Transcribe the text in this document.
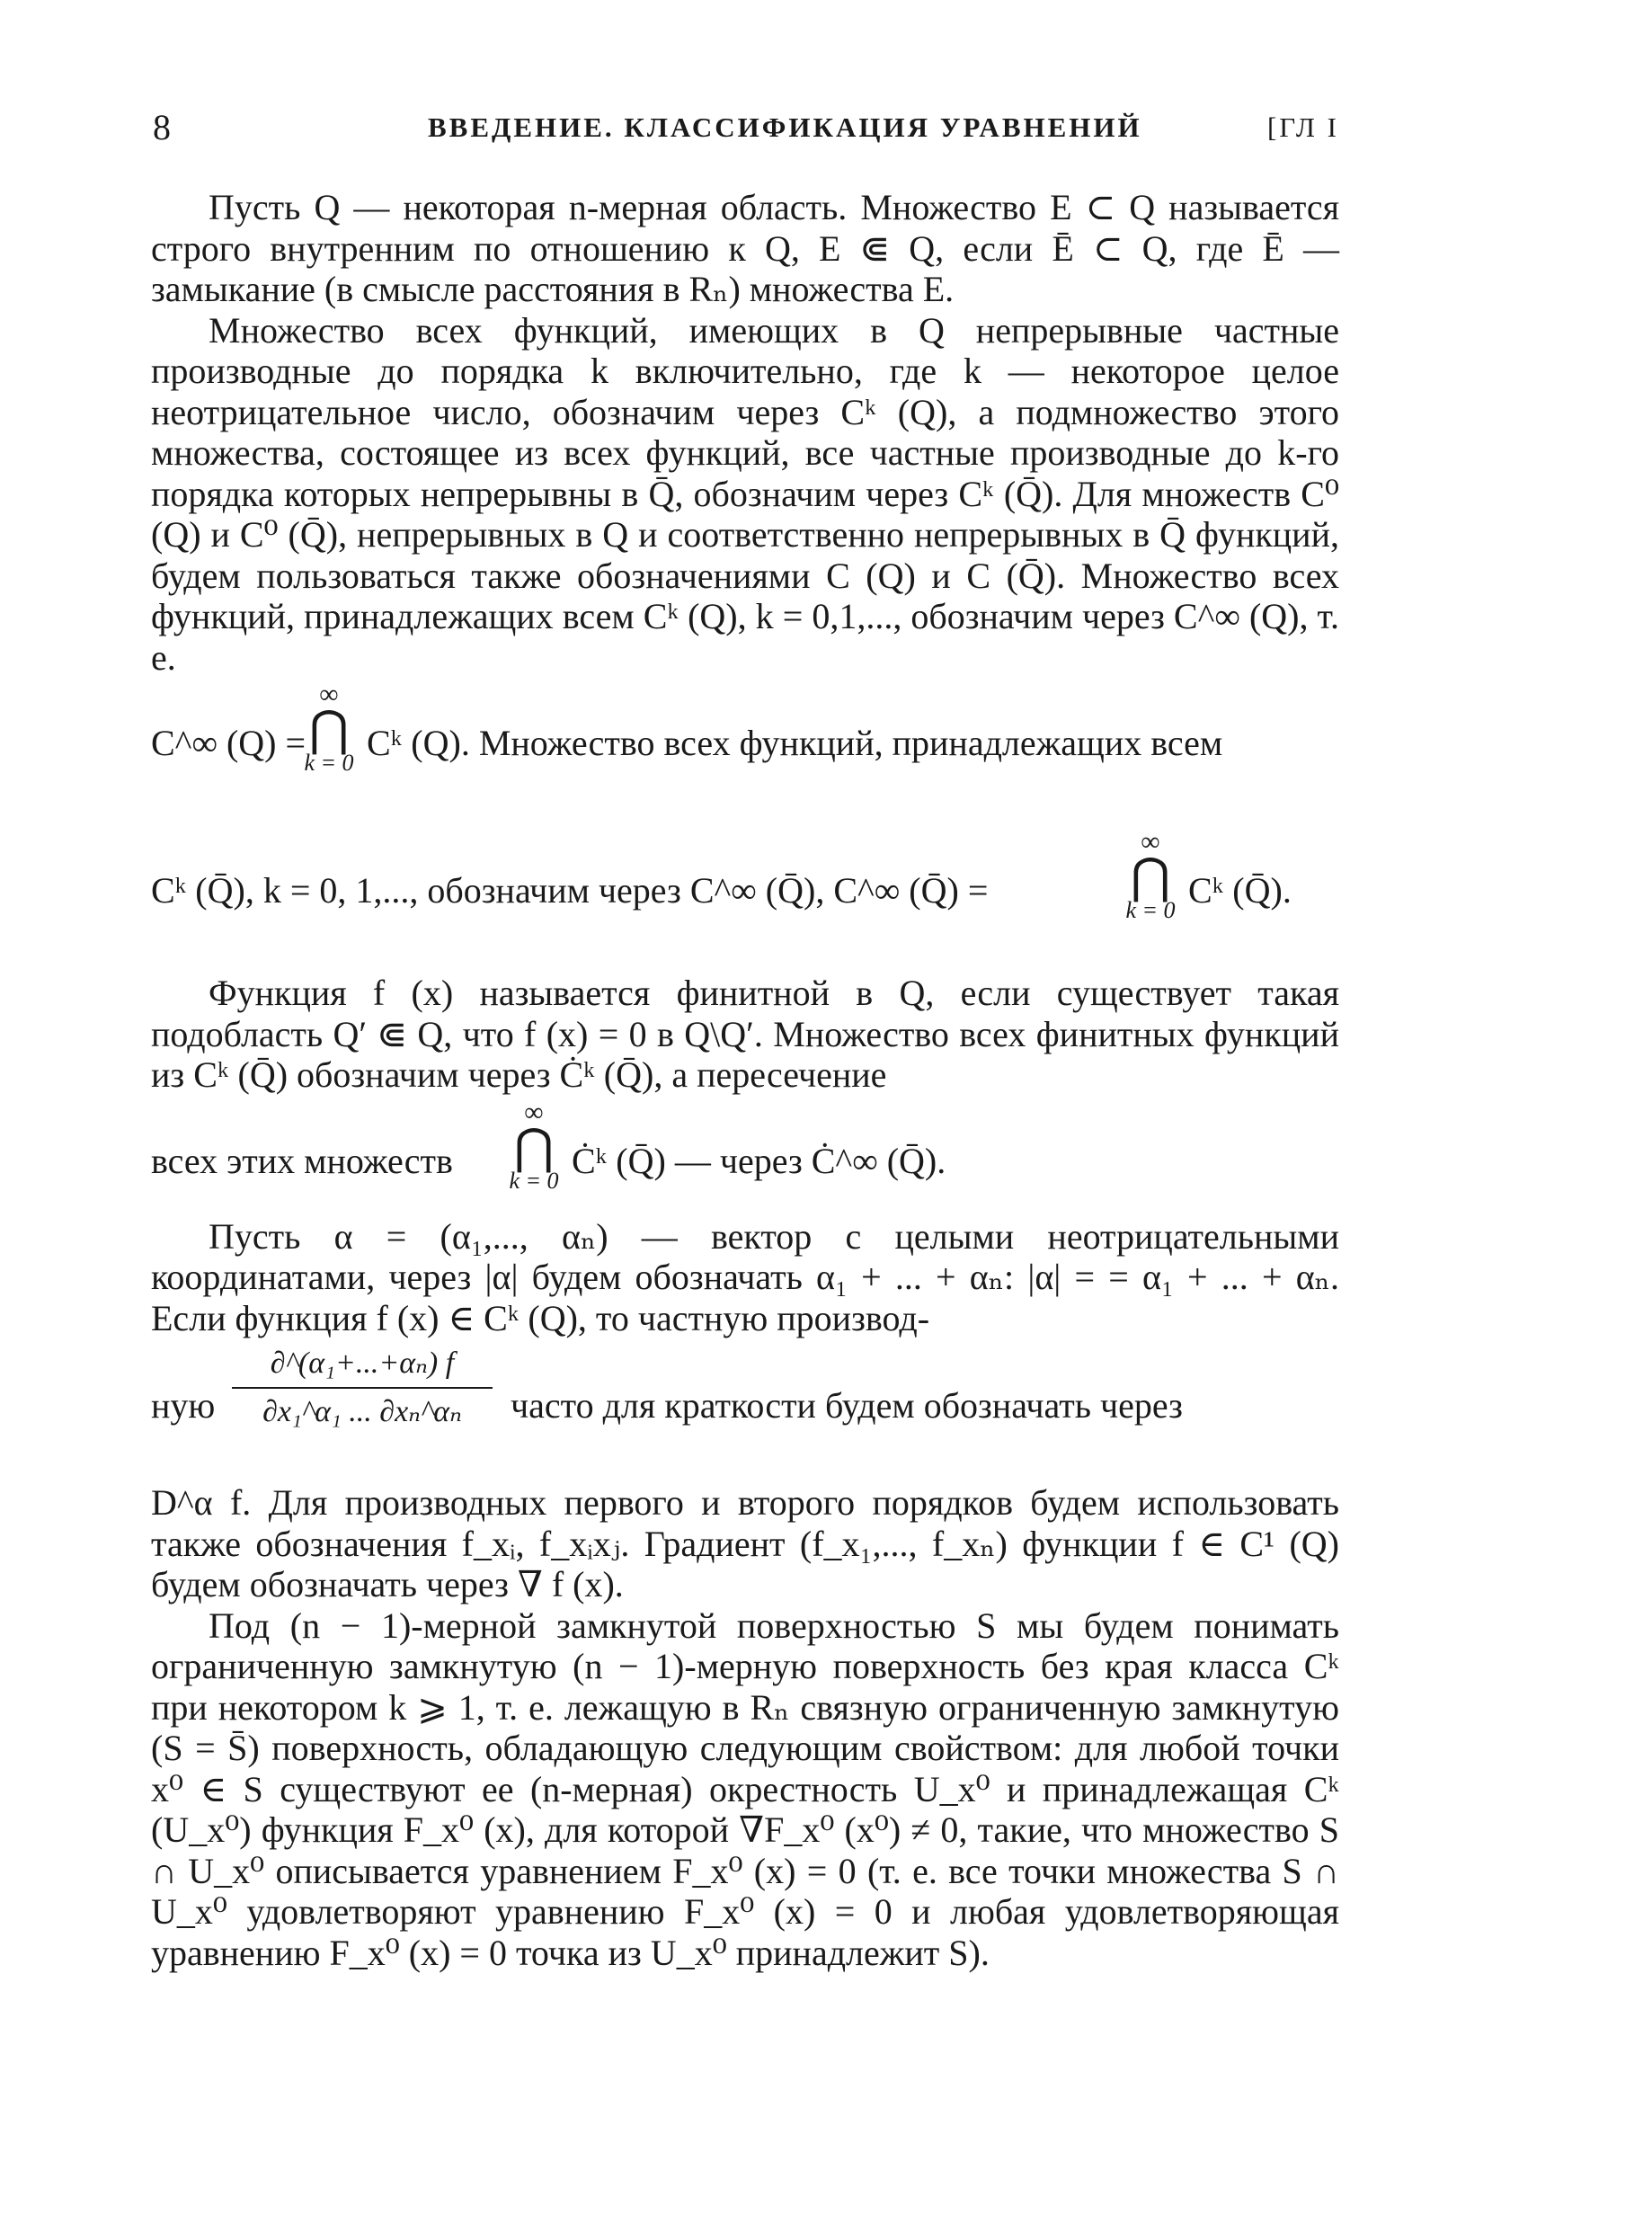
8	ВВЕДЕНИЕ. КЛАССИФИКАЦИЯ УРАВНЕНИЙ	[ГЛ I

Пусть Q — некоторая n-мерная область. Множество E ⊂ Q называется строго внутренним по отношению к Q, E ⋐ Q, если Ē ⊂ Q, где Ē — замыкание (в смысле расстояния в Rₙ) множества E.

Множество всех функций, имеющих в Q непрерывные частные производные до порядка k включительно, где k — некоторое целое неотрицательное число, обозначим через Cᵏ (Q), а подмножество этого множества, состоящее из всех функций, все частные производные до k-го порядка которых непрерывны в Q̄, обозначим через Cᵏ (Q̄). Для множеств C⁰ (Q) и C⁰ (Q̄), непрерывных в Q и соответственно непрерывных в Q̄ функций, будем пользоваться также обозначениями C (Q) и C (Q̄). Множество всех функций, принадлежащих всем Cᵏ (Q), k = 0,1,..., обозначим через C^∞ (Q), т. е.

C^∞ (Q) =
∞
⋂
k = 0 Cᵏ (Q). Множество всех функций, принадлежащих всем
Cᵏ (Q̄), k = 0, 1,..., обозначим через C^∞ (Q̄), C^∞ (Q̄) =
∞
⋂
k = 0 Cᵏ (Q̄).

Функция f (x) называется финитной в Q, если существует такая подобласть Q′ ⋐ Q, что f (x) = 0 в Q\Q′. Множество всех финитных функций из Cᵏ (Q̄) обозначим через Ċᵏ (Q̄), а пересечение

всех этих множеств
∞
⋂
k = 0 Ċᵏ (Q̄) — через Ċ^∞ (Q̄).

Пусть α = (α₁,..., αₙ) — вектор с целыми неотрицательными координатами, через |α| будем обозначать α₁ + ... + αₙ: |α| = = α₁ + ... + αₙ. Если функция f (x) ∈ Cᵏ (Q), то частную производ-

ную
∂^(α₁+...+αₙ) f
∂x₁^α₁ ... ∂xₙ^αₙ	часто для краткости будем обозначать через

D^α f. Для производных первого и второго порядков будем использовать также обозначения f_xᵢ, f_xᵢxⱼ. Градиент (f_x₁,..., f_xₙ) функции f ∈ C¹ (Q) будем обозначать через ∇ f (x).

Под (n − 1)-мерной замкнутой поверхностью S мы будем понимать ограниченную замкнутую (n − 1)-мерную поверхность без края класса Cᵏ при некотором k ⩾ 1, т. е. лежащую в Rₙ связную ограниченную замкнутую (S = S̄) поверхность, обладающую следующим свойством: для любой точки x⁰ ∈ S существуют ее (n-мерная) окрестность U_x⁰ и принадлежащая Cᵏ (U_x⁰) функция F_x⁰ (x), для которой ∇F_x⁰ (x⁰) ≠ 0, такие, что множество S ∩ U_x⁰ описывается уравнением F_x⁰ (x) = 0 (т. е. все точки множества S ∩ U_x⁰ удовлетворяют уравнению F_x⁰ (x) = 0 и любая удовлетворяющая уравнению F_x⁰ (x) = 0 точка из U_x⁰ принадлежит S).
